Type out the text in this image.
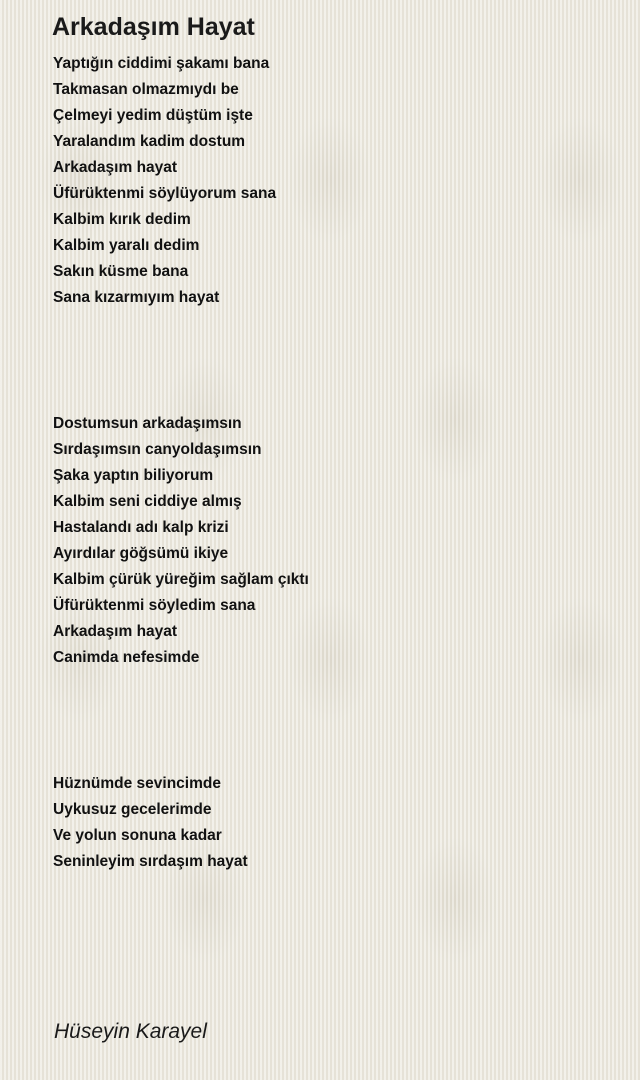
Arkadaşım Hayat
Yaptığın ciddimi şakamı bana
Takmasan olmazmıydı be
Çelmeyi yedim düştüm işte
Yaralandım kadim dostum
Arkadaşım hayat
Üfürüktenmi söylüyorum sana
Kalbim kırık dedim
Kalbim yaralı dedim
Sakın küsme bana
Sana kızarmıyım hayat
Dostumsun arkadaşımsın
Sırdaşımsın canyoldaşımsın
Şaka yaptın biliyorum
Kalbim seni ciddiye almış
Hastalandı adı kalp krizi
Ayırdılar göğsümü ikiye
Kalbim çürük yüreğim sağlam çıktı
Üfürüktenmi söyledim sana
Arkadaşım hayat
Canimda nefesimde
Hüznümde sevincimde
Uykusuz gecelerimde
Ve yolun sonuna kadar
Seninleyim sırdaşım hayat

Hüseyin Karayel
